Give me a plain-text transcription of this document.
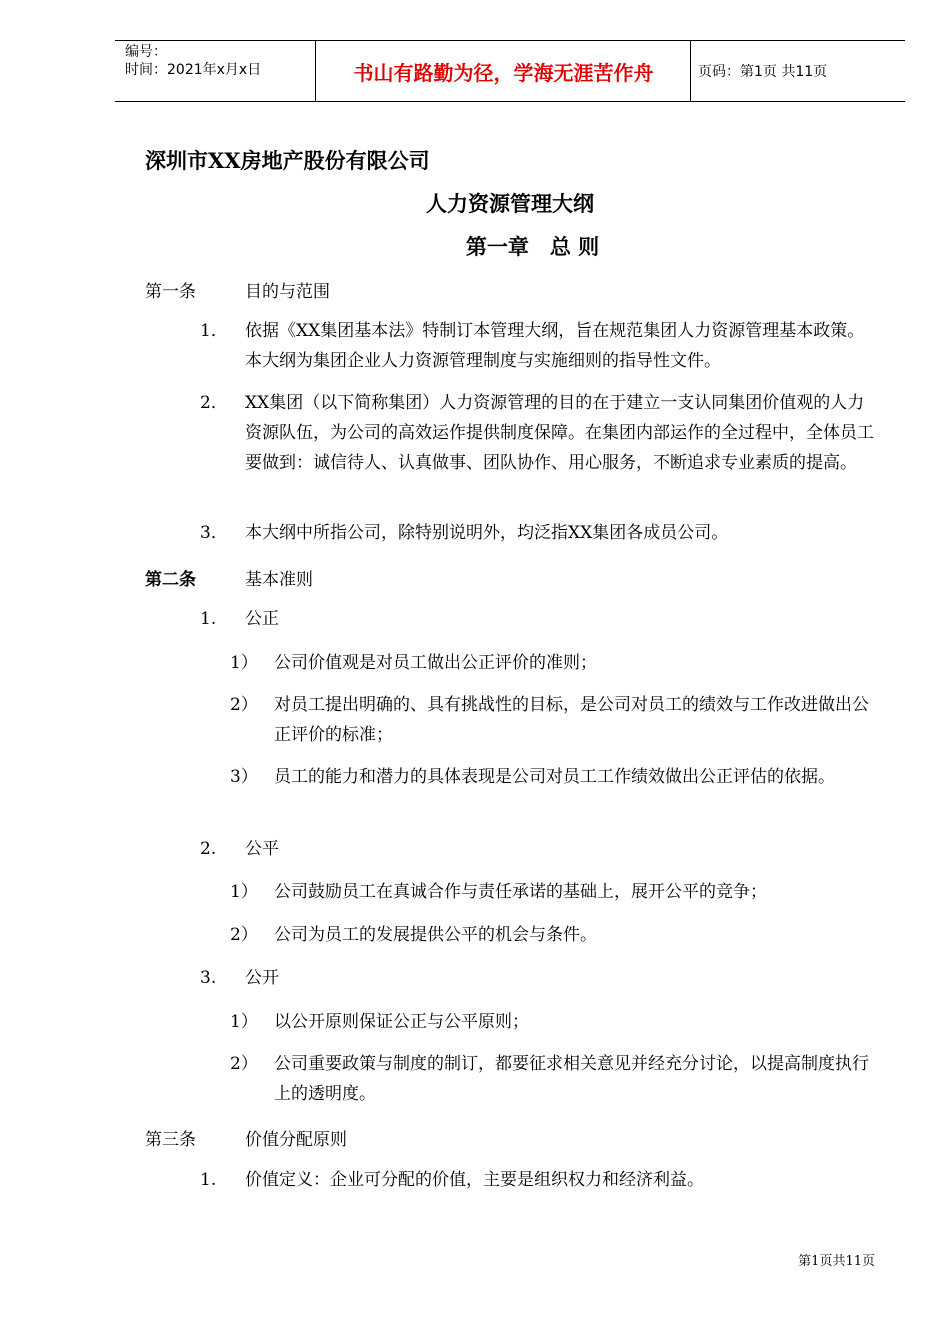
编号：
时间：2021年x月x日	书山有路勤为径，学海无涯苦作舟	页码：第1页 共11页
深圳市XX房地产股份有限公司
人力资源管理大纲
第一章　总 则
第一条	目的与范围
1． 依据《XX集团基本法》特制订本管理大纲，旨在规范集团人力资源管理基本政策。本大纲为集团企业人力资源管理制度与实施细则的指导性文件。
2． XX集团（以下简称集团）人力资源管理的目的在于建立一支认同集团价值观的人力资源队伍，为公司的高效运作提供制度保障。在集团内部运作的全过程中，全体员工要做到：诚信待人、认真做事、团队协作、用心服务，不断追求专业素质的提高。
3． 本大纲中所指公司，除特别说明外，均泛指XX集团各成员公司。
第二条	基本准则
1. 公正
1） 公司价值观是对员工做出公正评价的准则；
2） 对员工提出明确的、具有挑战性的目标，是公司对员工的绩效与工作改进做出公正评价的标准；
3） 员工的能力和潜力的具体表现是公司对员工工作绩效做出公正评估的依据。
2. 公平
1） 公司鼓励员工在真诚合作与责任承诺的基础上，展开公平的竞争；
2） 公司为员工的发展提供公平的机会与条件。
3. 公开
1） 以公开原则保证公正与公平原则；
2） 公司重要政策与制度的制订，都要征求相关意见并经充分讨论，以提高制度执行上的透明度。
第三条	价值分配原则
1. 价值定义：企业可分配的价值，主要是组织权力和经济利益。
第1页共11页
